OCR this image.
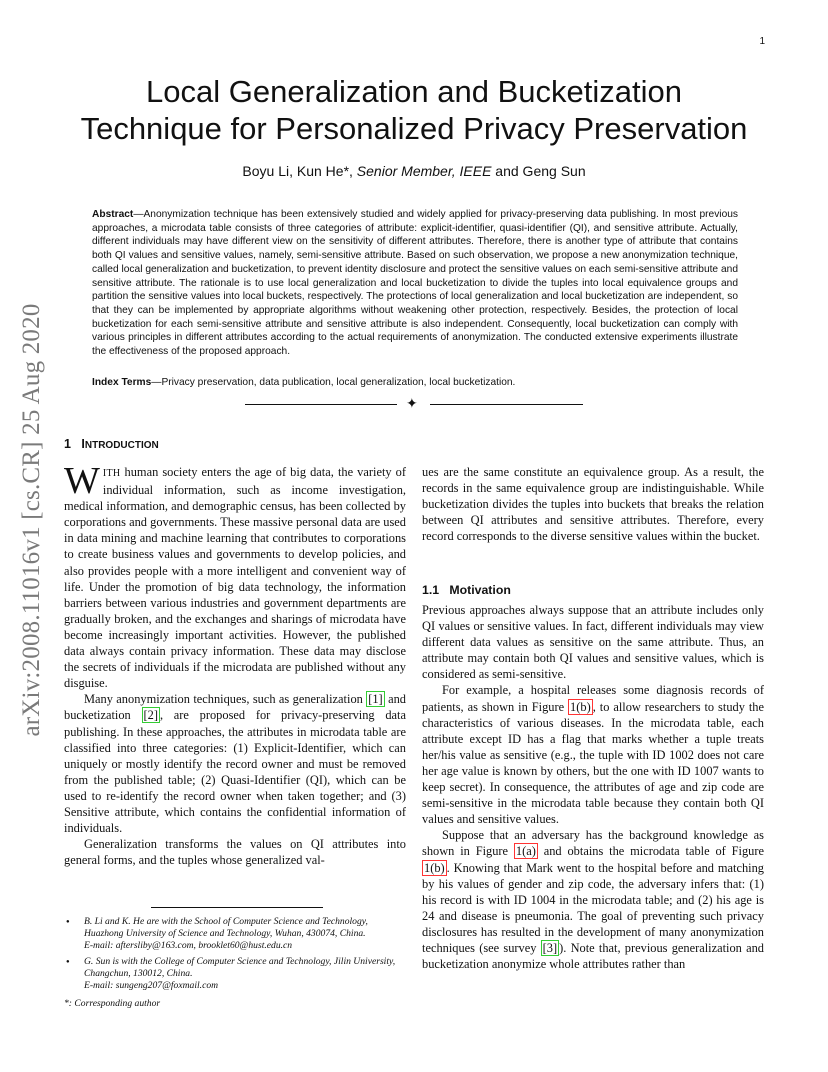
1
arXiv:2008.11016v1 [cs.CR] 25 Aug 2020
Local Generalization and Bucketization
Technique for Personalized Privacy Preservation
Boyu Li, Kun He*, Senior Member, IEEE and Geng Sun

Abstract—Anonymization technique has been extensively studied and widely applied for privacy-preserving data publishing. In most previous approaches, a microdata table consists of three categories of attribute: explicit-identifier, quasi-identifier (QI), and sensitive attribute. Actually, different individuals may have different view on the sensitivity of different attributes. Therefore, there is another type of attribute that contains both QI values and sensitive values, namely, semi-sensitive attribute. Based on such observation, we propose a new anonymization technique, called local generalization and bucketization, to prevent identity disclosure and protect the sensitive values on each semi-sensitive attribute and sensitive attribute. The rationale is to use local generalization and local bucketization to divide the tuples into local equivalence groups and partition the sensitive values into local buckets, respectively. The protections of local generalization and local bucketization are independent, so that they can be implemented by appropriate algorithms without weakening other protection, respectively. Besides, the protection of local bucketization for each semi-sensitive attribute and sensitive attribute is also independent. Consequently, local bucketization can comply with various principles in different attributes according to the actual requirements of anonymization. The conducted extensive experiments illustrate the effectiveness of the proposed approach.

Index Terms—Privacy preservation, data publication, local generalization, local bucketization.

✦
1 INTRODUCTION

WITH human society enters the age of big data, the variety of individual information, such as income investigation, medical information, and demographic census, has been collected by corporations and governments. These massive personal data are used in data mining and machine learning that contributes to corporations to create business values and governments to develop policies, and also provides people with a more intelligent and convenient way of life. Under the promotion of big data technology, the information barriers between various industries and government departments are gradually broken, and the exchanges and sharings of microdata have become increasingly important activities. However, the published data always contain privacy information. These data may disclose the secrets of individuals if the microdata are published without any disguise.

Many anonymization techniques, such as generalization [1] and bucketization [2] , are proposed for privacy-preserving data publishing. In these approaches, the attributes in microdata table are classified into three categories: (1) Explicit-Identifier, which can uniquely or mostly identify the record owner and must be removed from the published table; (2) Quasi-Identifier (QI), which can be used to re-identify the record owner when taken together; and (3) Sensitive attribute, which contains the confidential information of individuals.

Generalization transforms the values on QI attributes into general forms, and the tuples whose generalized val-

● B. Li and K. He are with the School of Computer Science and Technology, Huazhong University of Science and Technology, Wuhan, 430074, China.
E-mail: aftersliby@163.com, brooklet60@hust.edu.cn
● G. Sun is with the College of Computer Science and Technology, Jilin University, Changchun, 130012, China.
E-mail: sungeng207@foxmail.com
*: Corresponding author

ues are the same constitute an equivalence group. As a result, the records in the same equivalence group are indistinguishable. While bucketization divides the tuples into buckets that breaks the relation between QI attributes and sensitive attributes. Therefore, every record corresponds to the diverse sensitive values within the bucket.

1.1 Motivation

Previous approaches always suppose that an attribute includes only QI values or sensitive values. In fact, different individuals may view different data values as sensitive on the same attribute. Thus, an attribute may contain both QI values and sensitive values, which is considered as semi-sensitive.

For example, a hospital releases some diagnosis records of patients, as shown in Figure 1(b) , to allow researchers to study the characteristics of various diseases. In the microdata table, each attribute except ID has a flag that marks whether a tuple treats her/his value as sensitive (e.g., the tuple with ID 1002 does not care her age value is known by others, but the one with ID 1007 wants to keep secret). In consequence, the attributes of age and zip code are semi-sensitive in the microdata table because they contain both QI values and sensitive values.

Suppose that an adversary has the background knowledge as shown in Figure 1(a) and obtains the microdata table of Figure 1(b) . Knowing that Mark went to the hospital before and matching by his values of gender and zip code, the adversary infers that: (1) his record is with ID 1004 in the microdata table; and (2) his age is 24 and disease is pneumonia. The goal of preventing such privacy disclosures has resulted in the development of many anonymization techniques (see survey [3] ). Note that, previous generalization and bucketization anonymize whole attributes rather than
